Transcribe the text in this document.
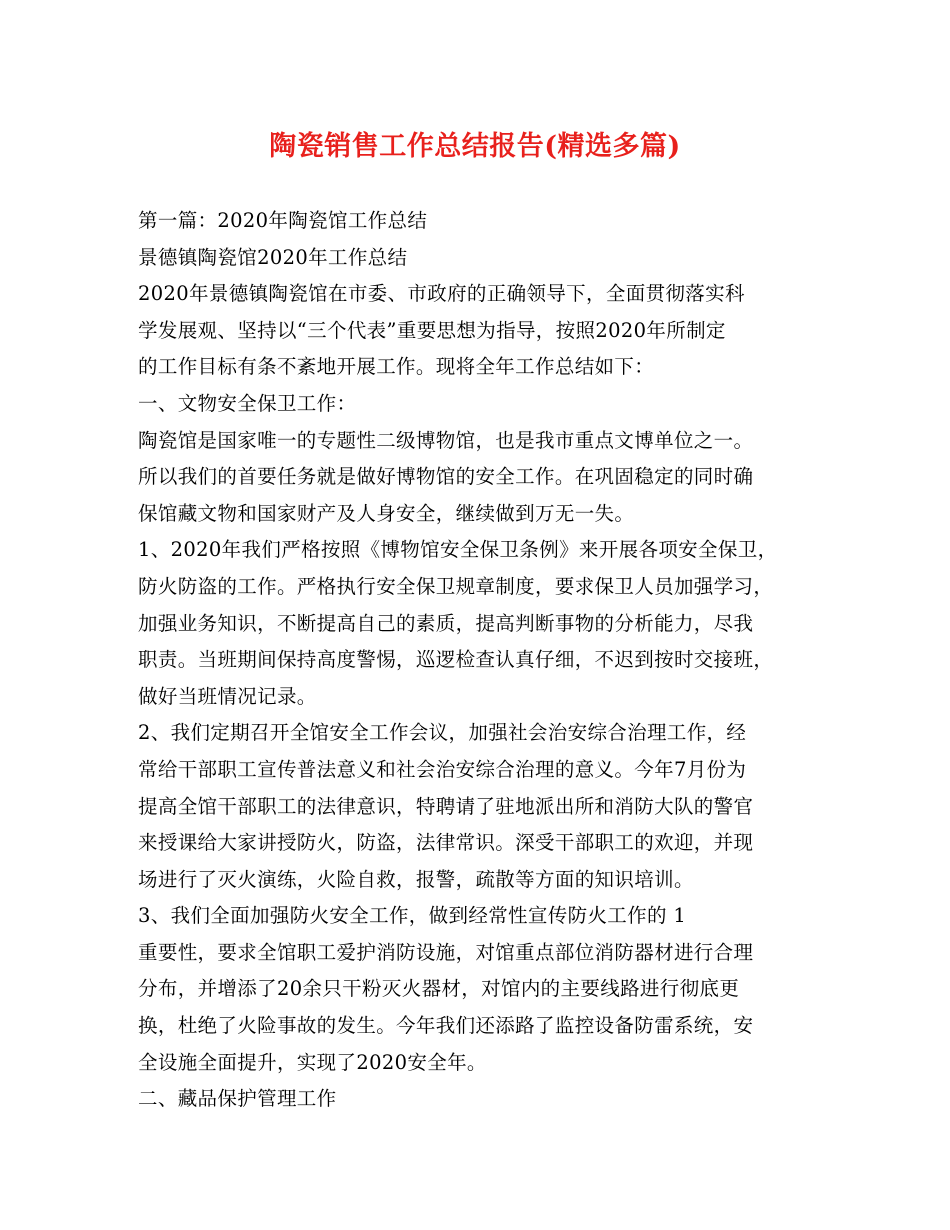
陶瓷销售工作总结报告(精选多篇)
第一篇：2020年陶瓷馆工作总结
景德镇陶瓷馆2020年工作总结
2020年景德镇陶瓷馆在市委、市政府的正确领导下，全面贯彻落实科
学发展观、坚持以“三个代表”重要思想为指导，按照2020年所制定
的工作目标有条不紊地开展工作。现将全年工作总结如下：
一、文物安全保卫工作：
陶瓷馆是国家唯一的专题性二级博物馆，也是我市重点文博单位之一。
所以我们的首要任务就是做好博物馆的安全工作。在巩固稳定的同时确
保馆藏文物和国家财产及人身安全，继续做到万无一失。
1、2020年我们严格按照《博物馆安全保卫条例》来开展各项安全保卫，
防火防盗的工作。严格执行安全保卫规章制度，要求保卫人员加强学习，
加强业务知识，不断提高自己的素质，提高判断事物的分析能力，尽我
职责。当班期间保持高度警惕，巡逻检查认真仔细，不迟到按时交接班，
做好当班情况记录。
2、我们定期召开全馆安全工作会议，加强社会治安综合治理工作，经
常给干部职工宣传普法意义和社会治安综合治理的意义。今年7月份为
提高全馆干部职工的法律意识，特聘请了驻地派出所和消防大队的警官
来授课给大家讲授防火，防盗，法律常识。深受干部职工的欢迎，并现
场进行了灭火演练，火险自救，报警，疏散等方面的知识培训。
3、我们全面加强防火安全工作，做到经常性宣传防火工作的 1
重要性，要求全馆职工爱护消防设施，对馆重点部位消防器材进行合理
分布，并增添了20余只干粉灭火器材，对馆内的主要线路进行彻底更
换，杜绝了火险事故的发生。今年我们还添路了监控设备防雷系统，安
全设施全面提升，实现了2020安全年。
二、藏品保护管理工作
